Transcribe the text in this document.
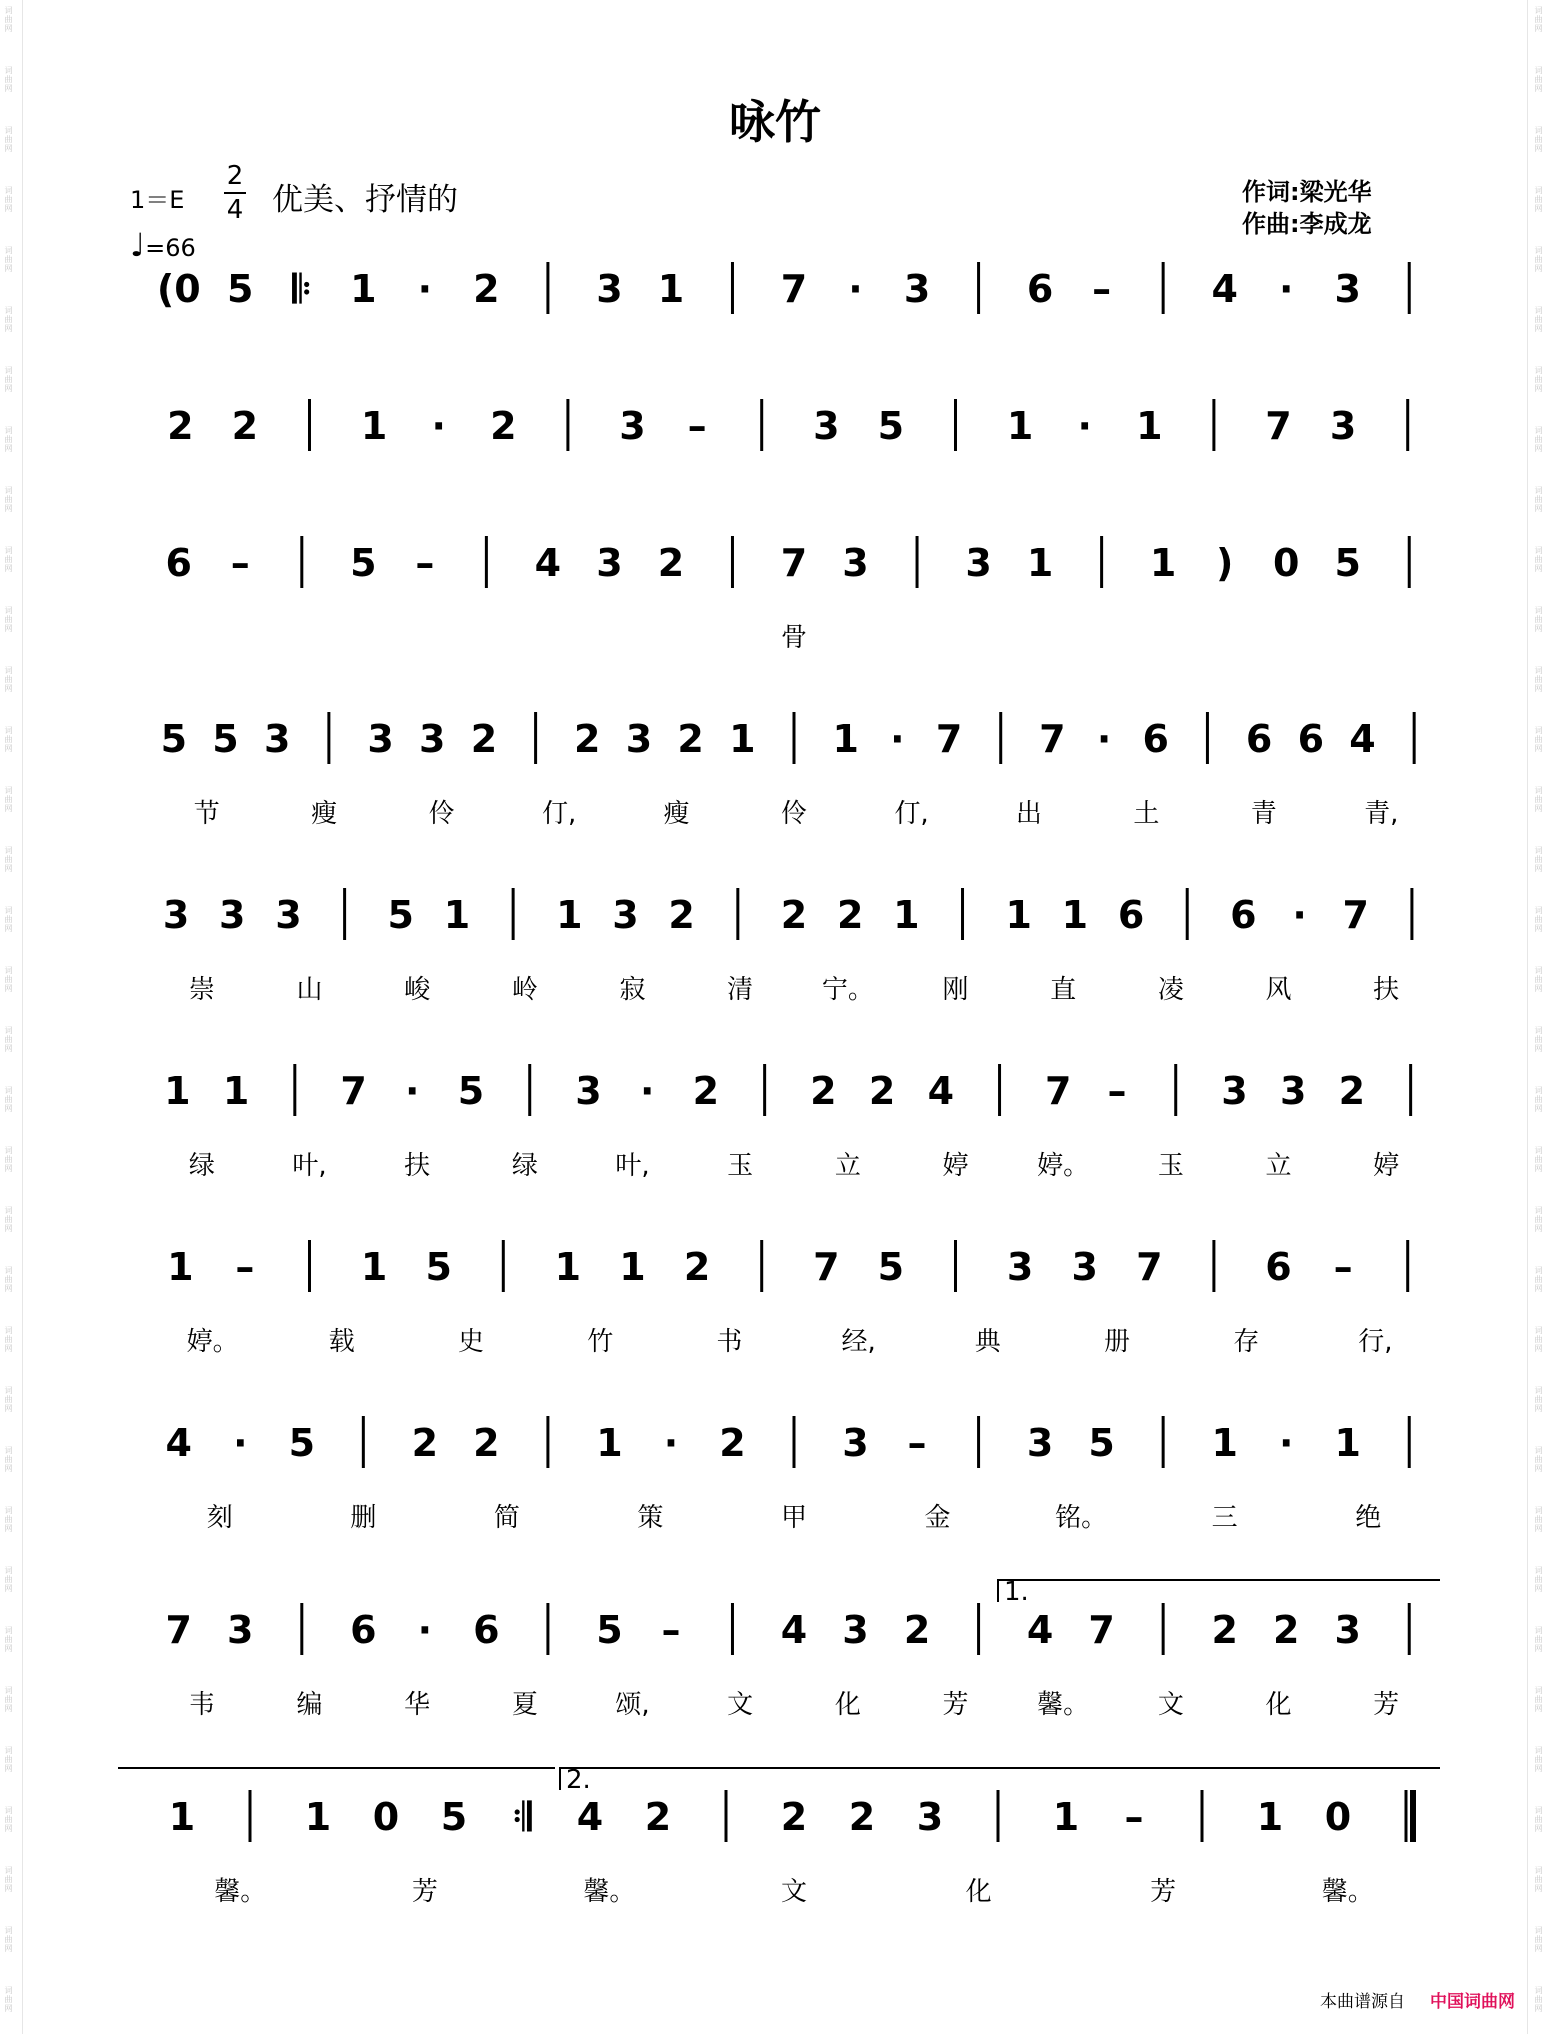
词曲网
词曲网
词曲网
词曲网
词曲网
词曲网
词曲网
词曲网
词曲网
词曲网
词曲网
词曲网
词曲网
词曲网
词曲网
词曲网
词曲网
词曲网
词曲网
词曲网
词曲网
词曲网
词曲网
词曲网
词曲网
词曲网
词曲网
词曲网
词曲网
词曲网
词曲网
词曲网
词曲网
词曲网
词曲网
词曲网
词曲网
词曲网
词曲网
词曲网
词曲网
词曲网
词曲网
词曲网
词曲网
词曲网
词曲网
词曲网
词曲网
词曲网
词曲网
词曲网
词曲网
词曲网
词曲网
词曲网
词曲网
词曲网
词曲网
词曲网
词曲网
词曲网
词曲网
词曲网
词曲网
词曲网
词曲网
词曲网
咏竹
1＝E
2
4 优美、抒情的
♩=66
作词:梁光华
作曲:李成龙
(0 5 𝄆 1 · 2	3 1	7 · 3	6 –	4 · 3
2 2	1 · 2	3 –	3 5	1 · 1	7 3
6 –	5 –	4 3 2	7 3	3 1	1 ) 0 5
骨
5 5 3 3 3 2 2 3 2 1 1 · 7 7 · 6 6 6 4
节	瘦	伶	仃,	瘦	伶	仃,	出	土	青	青,
3 3 3 5 1 1 3 2 2 2 1 1 1 6 6 · 7
崇	山	峻	岭	寂	清	宁。	刚	直	凌	风	扶
1 1 7 · 5 3 · 2 2 2 4 7 – 3 3 2
绿	叶,	扶	绿	叶,	玉	立	婷	婷。	玉	立	婷
1 –	1 5	1 1 2	7 5	3 3 7	6 –
婷。	载	史	竹	书	经,	典	册	存	行,
4 · 5	2 2	1 · 2	3 –	3 5	1 · 1
刻	删	简	策	甲	金	铭。	三	绝
7 3	6 · 6	5 –	4 3 2	4 7	2 2 3
韦	编	华	夏	颂,	文	化	芳	馨。	文	化	芳
1	1 0 5 𝄇 4 2	2 2 3	1 –	1 0
馨。	芳	馨。	文	化	芳	馨。
1.
2.
本曲谱源自 中国词曲网
